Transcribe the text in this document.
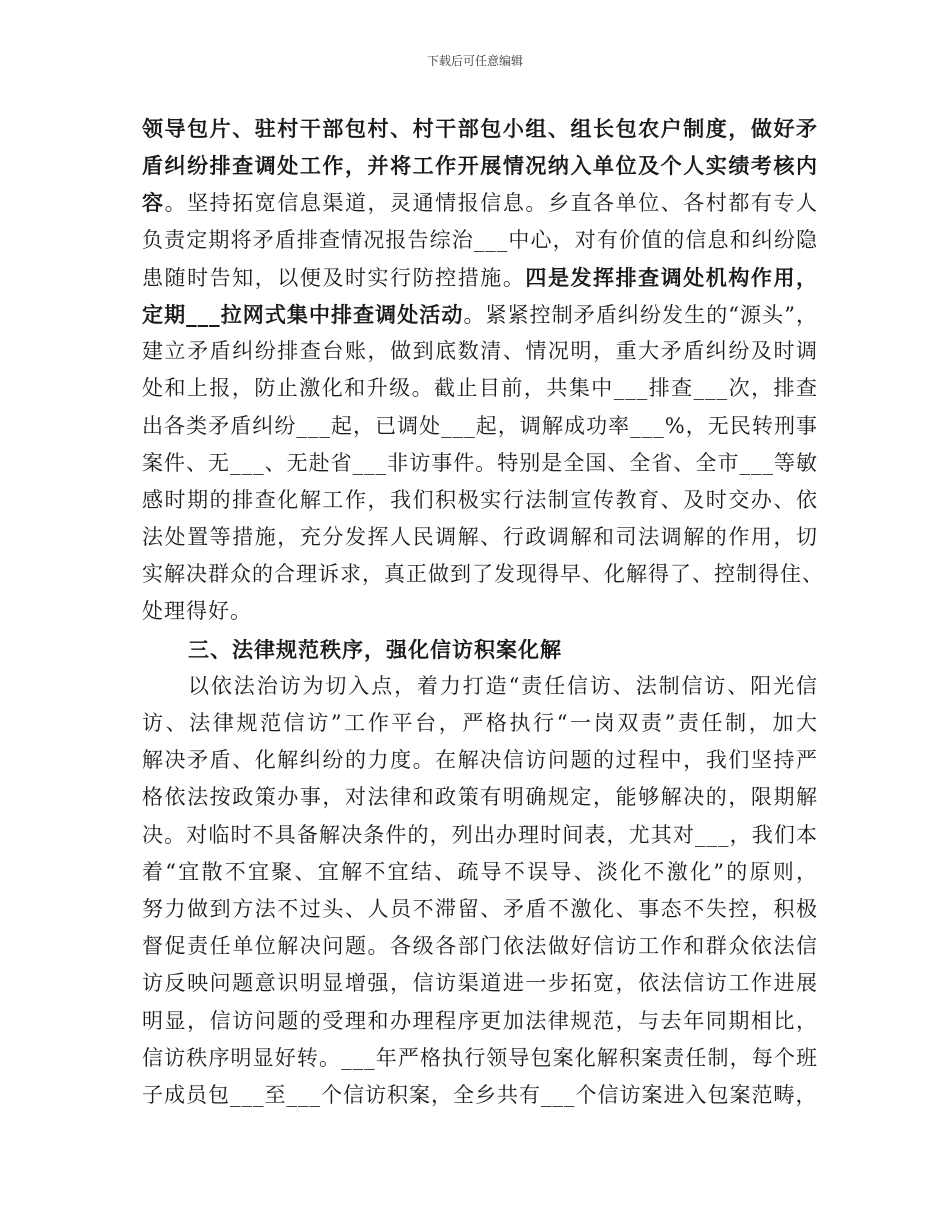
下载后可任意编辑
领导包片、驻村干部包村、村干部包小组、组长包农户制度，做好矛
盾纠纷排查调处工作，并将工作开展情况纳入单位及个人实绩考核内
容。坚持拓宽信息渠道，灵通情报信息。乡直各单位、各村都有专人
负责定期将矛盾排查情况报告综治___中心，对有价值的信息和纠纷隐
患随时告知，以便及时实行防控措施。四是发挥排查调处机构作用，
定期___拉网式集中排查调处活动。紧紧控制矛盾纠纷发生的“源头”，
建立矛盾纠纷排查台账，做到底数清、情况明，重大矛盾纠纷及时调
处和上报，防止激化和升级。截止目前，共集中___排查___次，排查
出各类矛盾纠纷___起，已调处___起，调解成功率___%，无民转刑事
案件、无___、无赴省___非访事件。特别是全国、全省、全市___等敏
感时期的排查化解工作，我们积极实行法制宣传教育、及时交办、依
法处置等措施，充分发挥人民调解、行政调解和司法调解的作用，切
实解决群众的合理诉求，真正做到了发现得早、化解得了、控制得住、
处理得好。
三、法律规范秩序，强化信访积案化解
以依法治访为切入点，着力打造“责任信访、法制信访、阳光信
访、法律规范信访”工作平台，严格执行“一岗双责”责任制，加大
解决矛盾、化解纠纷的力度。在解决信访问题的过程中，我们坚持严
格依法按政策办事，对法律和政策有明确规定，能够解决的，限期解
决。对临时不具备解决条件的，列出办理时间表，尤其对___，我们本
着“宜散不宜聚、宜解不宜结、疏导不误导、淡化不激化”的原则，
努力做到方法不过头、人员不滞留、矛盾不激化、事态不失控，积极
督促责任单位解决问题。各级各部门依法做好信访工作和群众依法信
访反映问题意识明显增强，信访渠道进一步拓宽，依法信访工作进展
明显，信访问题的受理和办理程序更加法律规范，与去年同期相比，
信访秩序明显好转。___年严格执行领导包案化解积案责任制，每个班
子成员包___至___个信访积案，全乡共有___个信访案进入包案范畴，
